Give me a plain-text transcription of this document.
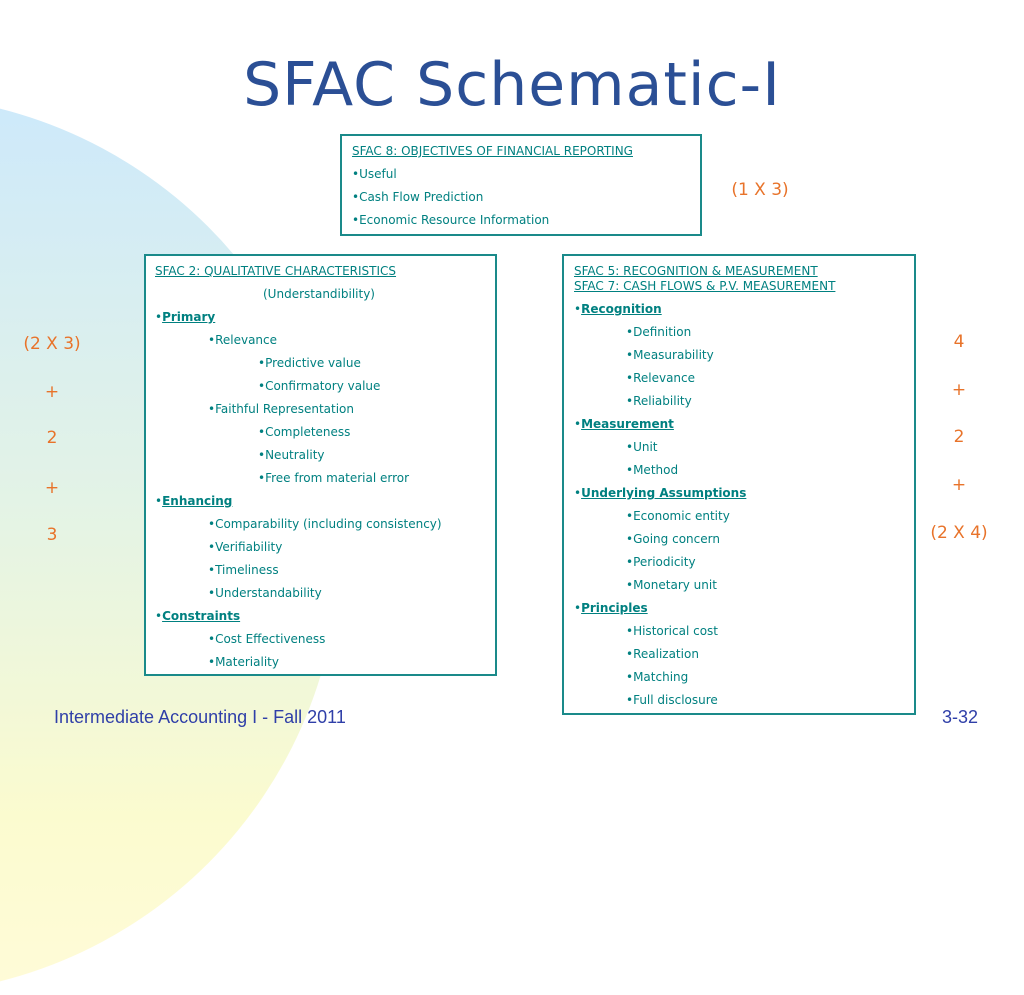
SFAC Schematic-I
SFAC 8: OBJECTIVES OF FINANCIAL REPORTING
•Useful
•Cash Flow Prediction
•Economic Resource Information
(1 X 3)
SFAC 2: QUALITATIVE CHARACTERISTICS
(Understandibility)
•Primary
•Relevance
•Predictive value
•Confirmatory value
•Faithful Representation
•Completeness
•Neutrality
•Free from material error
•Enhancing
•Comparability (including consistency)
•Verifiability
•Timeliness
•Understandability
•Constraints
•Cost Effectiveness
•Materiality
(2 X 3)
+
2
+
3
SFAC 5: RECOGNITION & MEASUREMENT
SFAC 7: CASH FLOWS & P.V. MEASUREMENT
•Recognition
•Definition
•Measurability
•Relevance
•Reliability
•Measurement
•Unit
•Method
•Underlying Assumptions
•Economic entity
•Going concern
•Periodicity
•Monetary unit
•Principles
•Historical cost
•Realization
•Matching
•Full disclosure
4
+
2
+
(2 X 4)
Intermediate Accounting I - Fall 2011	3-32
